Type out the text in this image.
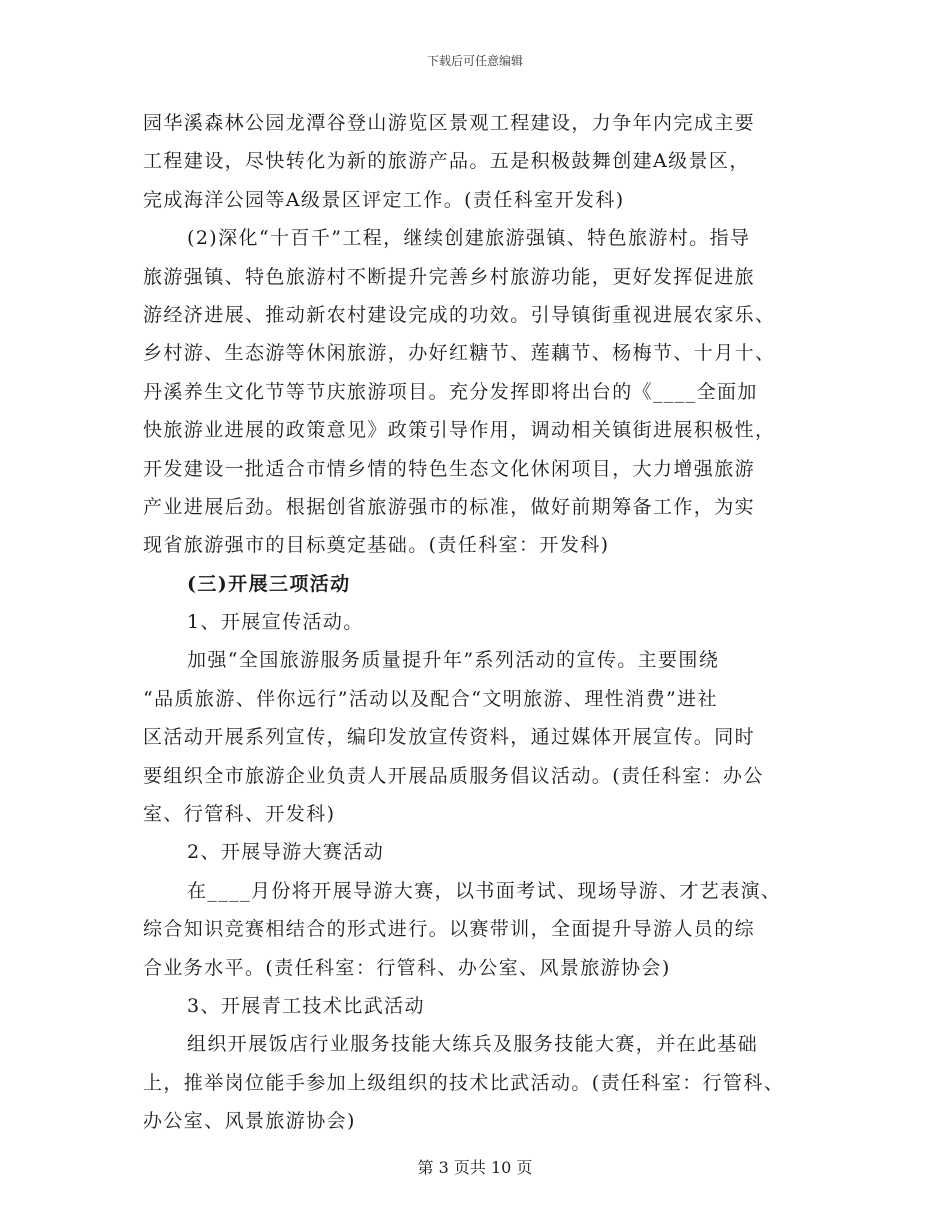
下载后可任意编辑
园华溪森林公园龙潭谷登山游览区景观工程建设，力争年内完成主要
工程建设，尽快转化为新的旅游产品。五是积极鼓舞创建A级景区，
完成海洋公园等A级景区评定工作。(责任科室开发科)
(2)深化“十百千”工程，继续创建旅游强镇、特色旅游村。指导
旅游强镇、特色旅游村不断提升完善乡村旅游功能，更好发挥促进旅
游经济进展、推动新农村建设完成的功效。引导镇街重视进展农家乐、
乡村游、生态游等休闲旅游，办好红糖节、莲藕节、杨梅节、十月十、
丹溪养生文化节等节庆旅游项目。充分发挥即将出台的《____全面加
快旅游业进展的政策意见》政策引导作用，调动相关镇街进展积极性，
开发建设一批适合市情乡情的特色生态文化休闲项目，大力增强旅游
产业进展后劲。根据创省旅游强市的标准，做好前期筹备工作，为实
现省旅游强市的目标奠定基础。(责任科室：开发科)
(三)开展三项活动
1、开展宣传活动。
加强“全国旅游服务质量提升年”系列活动的宣传。主要围绕
“品质旅游、伴你远行”活动以及配合“文明旅游、理性消费”进社
区活动开展系列宣传，编印发放宣传资料，通过媒体开展宣传。同时
要组织全市旅游企业负责人开展品质服务倡议活动。(责任科室：办公
室、行管科、开发科)
2、开展导游大赛活动
在____月份将开展导游大赛，以书面考试、现场导游、才艺表演、
综合知识竞赛相结合的形式进行。以赛带训，全面提升导游人员的综
合业务水平。(责任科室：行管科、办公室、风景旅游协会)
3、开展青工技术比武活动
组织开展饭店行业服务技能大练兵及服务技能大赛，并在此基础
上，推举岗位能手参加上级组织的技术比武活动。(责任科室：行管科、
办公室、风景旅游协会)
第 3 页共 10 页
